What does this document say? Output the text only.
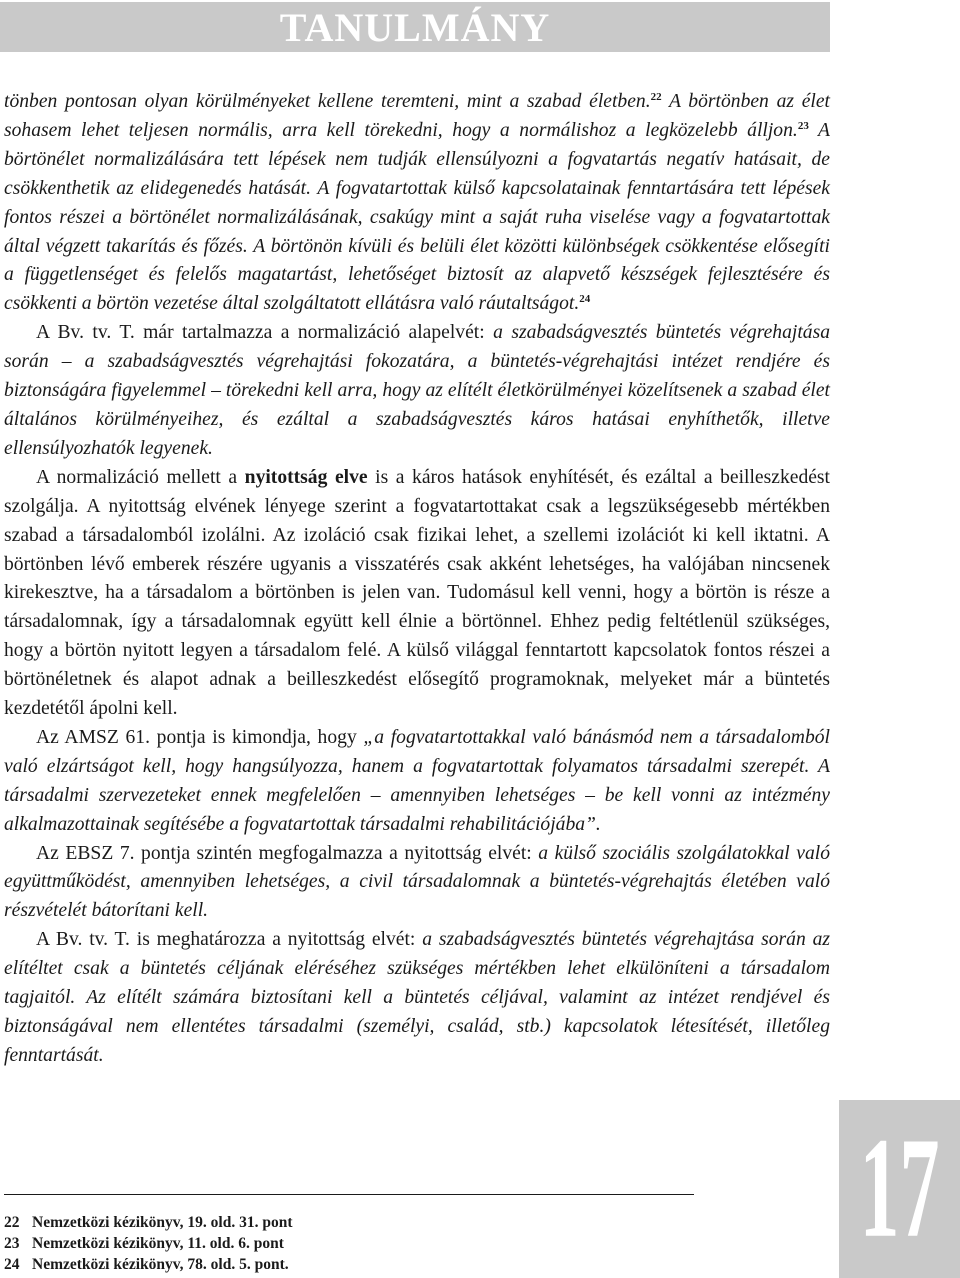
TANULMÁNY

tönben pontosan olyan körülményeket kellene teremteni, mint a szabad életben.$^{22}$ A börtönben az élet sohasem lehet teljesen normális, arra kell törekedni, hogy a normálishoz a legközelebb álljon.$^{23}$ A börtönélet normalizálására tett lépések nem tudják ellensúlyozni a fogvatartás negatív hatásait, de csökkenthetik az elidegenedés hatását. A fogvatartottak külső kapcsolatainak fenntartására tett lépések fontos részei a börtönélet normalizálásának, csakúgy mint a saját ruha viselése vagy a fogvatartottak által végzett takarítás és főzés. A börtönön kívüli és belüli élet közötti különbségek csökkentése elősegíti a függetlenséget és felelős magatartást, lehetőséget biztosít az alapvető készségek fejlesztésére és csökkenti a börtön vezetése által szolgáltatott ellátásra való ráutaltságot.$^{24}$

A Bv. tv. T. már tartalmazza a normalizáció alapelvét: a szabadságvesztés büntetés végrehajtása során – a szabadságvesztés végrehajtási fokozatára, a büntetés-végrehajtási intézet rendjére és biztonságára figyelemmel – törekedni kell arra, hogy az elítélt életkörülményei közelítsenek a szabad élet általános körülményeihez, és ezáltal a szabadságvesztés káros hatásai enyhíthetők, illetve ellensúlyozhatók legyenek.

A normalizáció mellett a nyitottság elve is a káros hatások enyhítését, és ezáltal a beilleszkedést szolgálja. A nyitottság elvének lényege szerint a fogvatartottakat csak a legszükségesebb mértékben szabad a társadalomból izolálni. Az izoláció csak fizikai lehet, a szellemi izolációt ki kell iktatni. A börtönben lévő emberek részére ugyanis a visszatérés csak akként lehetséges, ha valójában nincsenek kirekesztve, ha a társadalom a börtönben is jelen van. Tudomásul kell venni, hogy a börtön is része a társadalomnak, így a társadalomnak együtt kell élnie a börtönnel. Ehhez pedig feltétlenül szükséges, hogy a börtön nyitott legyen a társadalom felé. A külső világgal fenntartott kapcsolatok fontos részei a börtönéletnek és alapot adnak a beilleszkedést elősegítő programoknak, melyeket már a büntetés kezdetétől ápolni kell.

Az AMSZ 61. pontja is kimondja, hogy „a fogvatartottakkal való bánásmód nem a társadalomból való elzártságot kell, hogy hangsúlyozza, hanem a fogvatartottak folyamatos társadalmi szerepét. A társadalmi szervezeteket ennek megfelelően – amennyiben lehetséges – be kell vonni az intézmény alkalmazottainak segítésébe a fogvatartottak társadalmi rehabilitációjába”.

Az EBSZ 7. pontja szintén megfogalmazza a nyitottság elvét: a külső szociális szolgálatokkal való együttműködést, amennyiben lehetséges, a civil társadalomnak a büntetés-végrehajtás életében való részvételét bátorítani kell.

A Bv. tv. T. is meghatározza a nyitottság elvét: a szabadságvesztés büntetés végrehajtása során az elítéltet csak a büntetés céljának eléréséhez szükséges mértékben lehet elkülöníteni a társadalom tagjaitól. Az elítélt számára biztosítani kell a büntetés céljával, valamint az intézet rendjével és biztonságával nem ellentétes társadalmi (személyi, család, stb.) kapcsolatok létesítését, illetőleg fenntartását.

22 Nemzetközi kézikönyv, 19. old. 31. pont
23 Nemzetközi kézikönyv, 11. old. 6. pont
24 Nemzetközi kézikönyv, 78. old. 5. pont.	17
